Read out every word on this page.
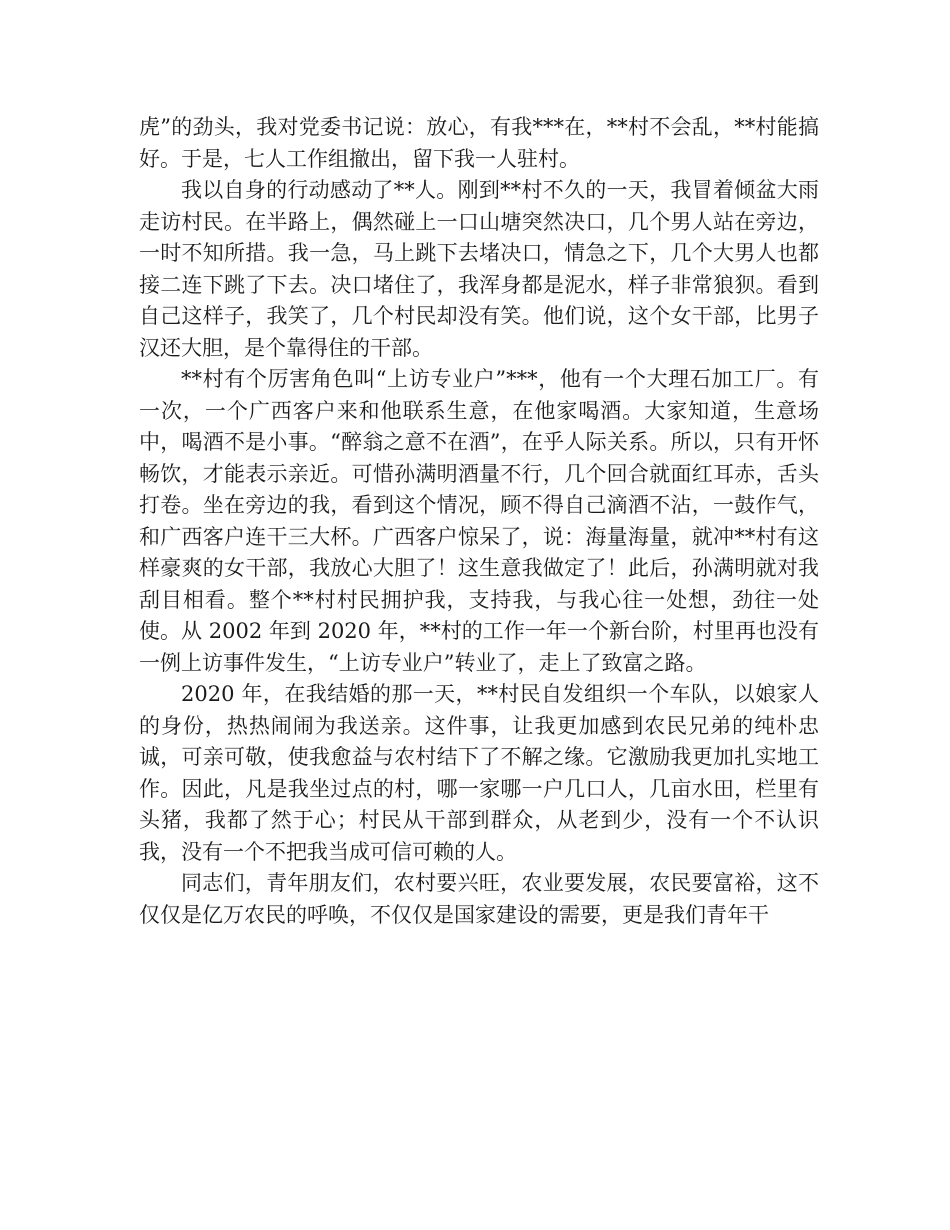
虎”的劲头，我对党委书记说：放心，有我***在，**村不会乱，**村能搞好。于是，七人工作组撤出，留下我一人驻村。

我以自身的行动感动了**人。刚到**村不久的一天，我冒着倾盆大雨走访村民。在半路上，偶然碰上一口山塘突然决口，几个男人站在旁边，一时不知所措。我一急，马上跳下去堵决口，情急之下，几个大男人也都接二连下跳了下去。决口堵住了，我浑身都是泥水，样子非常狼狈。看到自己这样子，我笑了，几个村民却没有笑。他们说，这个女干部，比男子汉还大胆，是个靠得住的干部。

**村有个厉害角色叫“上访专业户”***，他有一个大理石加工厂。有一次，一个广西客户来和他联系生意，在他家喝酒。大家知道，生意场中，喝酒不是小事。“醉翁之意不在酒”，在乎人际关系。所以，只有开怀畅饮，才能表示亲近。可惜孙满明酒量不行，几个回合就面红耳赤，舌头打卷。坐在旁边的我，看到这个情况，顾不得自己滴酒不沾，一鼓作气，和广西客户连干三大杯。广西客户惊呆了，说：海量海量，就冲**村有这样豪爽的女干部，我放心大胆了！这生意我做定了！此后，孙满明就对我刮目相看。整个**村村民拥护我，支持我，与我心往一处想，劲往一处使。从 2002 年到 2020 年，**村的工作一年一个新台阶，村里再也没有一例上访事件发生，“上访专业户”转业了，走上了致富之路。

2020 年，在我结婚的那一天，**村民自发组织一个车队，以娘家人的身份，热热闹闹为我送亲。这件事，让我更加感到农民兄弟的纯朴忠诚，可亲可敬，使我愈益与农村结下了不解之缘。它激励我更加扎实地工作。因此，凡是我坐过点的村，哪一家哪一户几口人，几亩水田，栏里有头猪，我都了然于心；村民从干部到群众，从老到少，没有一个不认识我，没有一个不把我当成可信可赖的人。

同志们，青年朋友们，农村要兴旺，农业要发展，农民要富裕，这不仅仅是亿万农民的呼唤，不仅仅是国家建设的需要，更是我们青年干
